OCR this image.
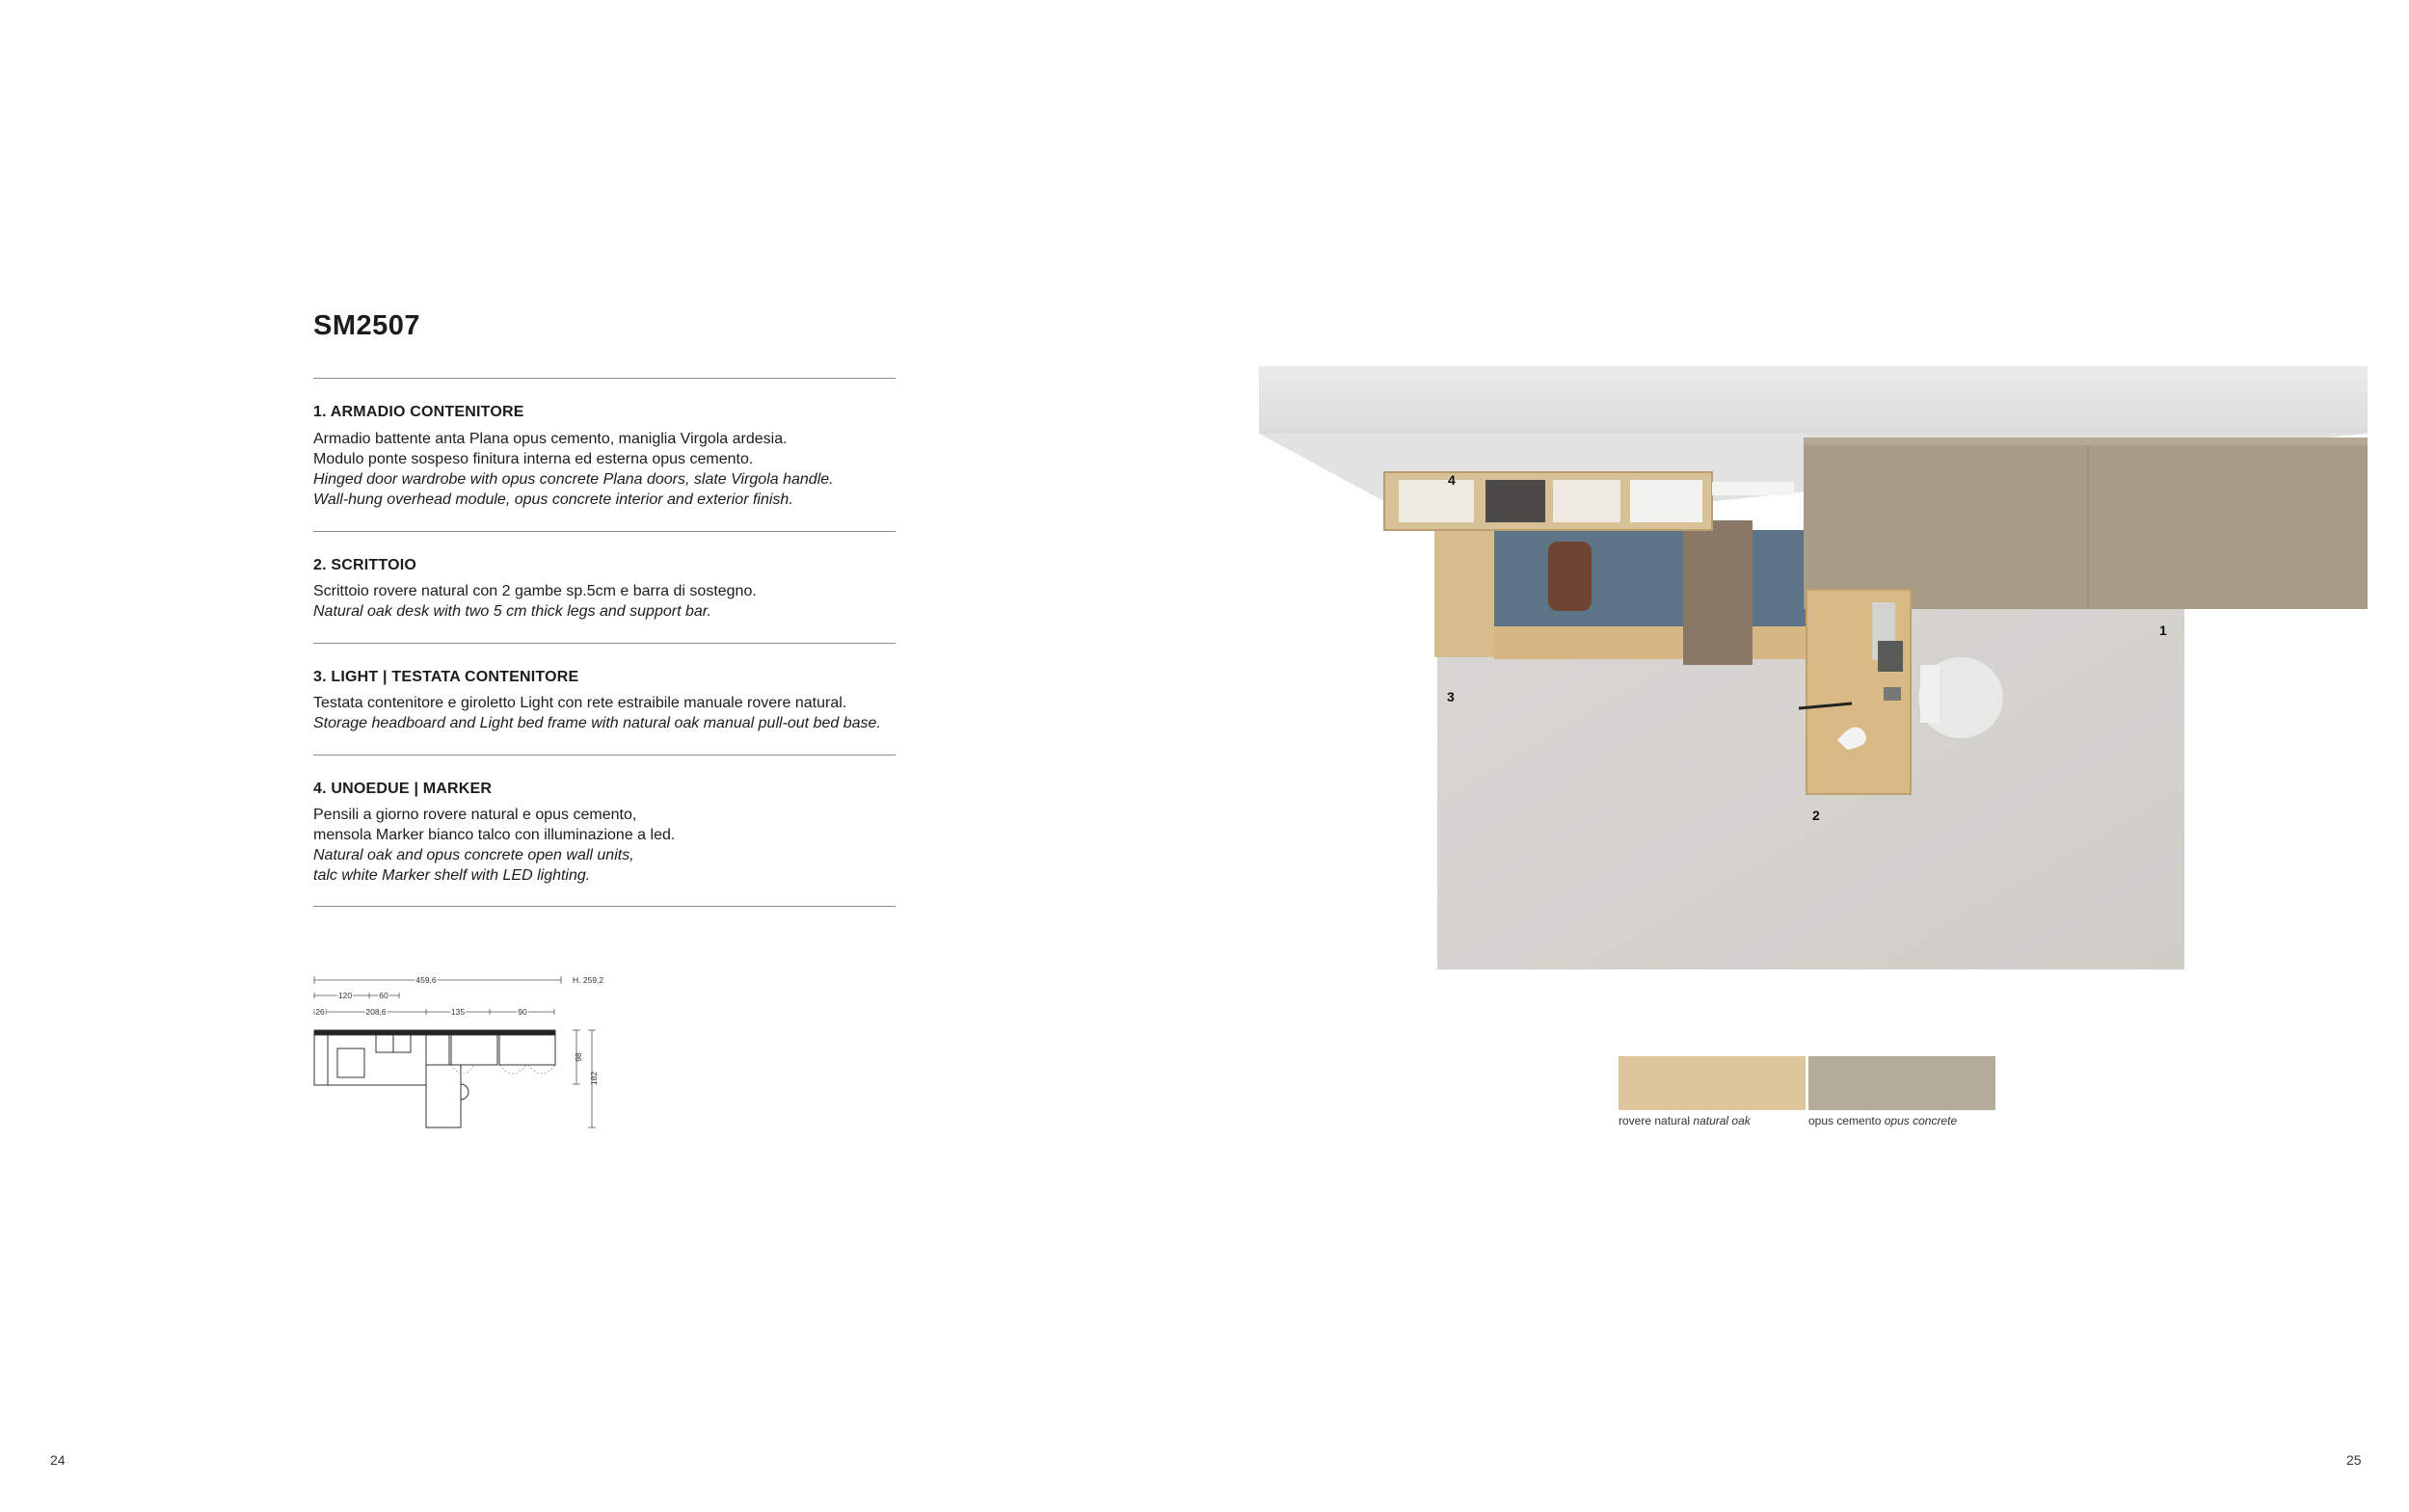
SM2507
1. ARMADIO CONTENITORE
Armadio battente anta Plana opus cemento, maniglia Virgola ardesia.
Modulo ponte sospeso finitura interna ed esterna opus cemento.
Hinged door wardrobe with opus concrete Plana doors, slate Virgola handle.
Wall-hung overhead module, opus concrete interior and exterior finish.
2. SCRITTOIO
Scrittoio rovere natural con 2 gambe sp.5cm e barra di sostegno.
Natural oak desk with two 5 cm thick legs and support bar.
3. LIGHT | TESTATA CONTENITORE
Testata contenitore e giroletto Light con rete estraibile manuale rovere natural.
Storage headboard and Light bed frame with natural oak manual pull-out bed base.
4. UNOEDUE | MARKER
Pensili a giorno rovere natural e opus cemento,
mensola Marker bianco talco con illuminazione a led.
Natural oak and opus concrete open wall units,
talc white Marker shelf with LED lighting.
459,6	H. 259,2
120	60
26	208,6	135	90
98
182
4
1
3
2
rovere natural natural oak	opus cemento opus concrete
24	25
